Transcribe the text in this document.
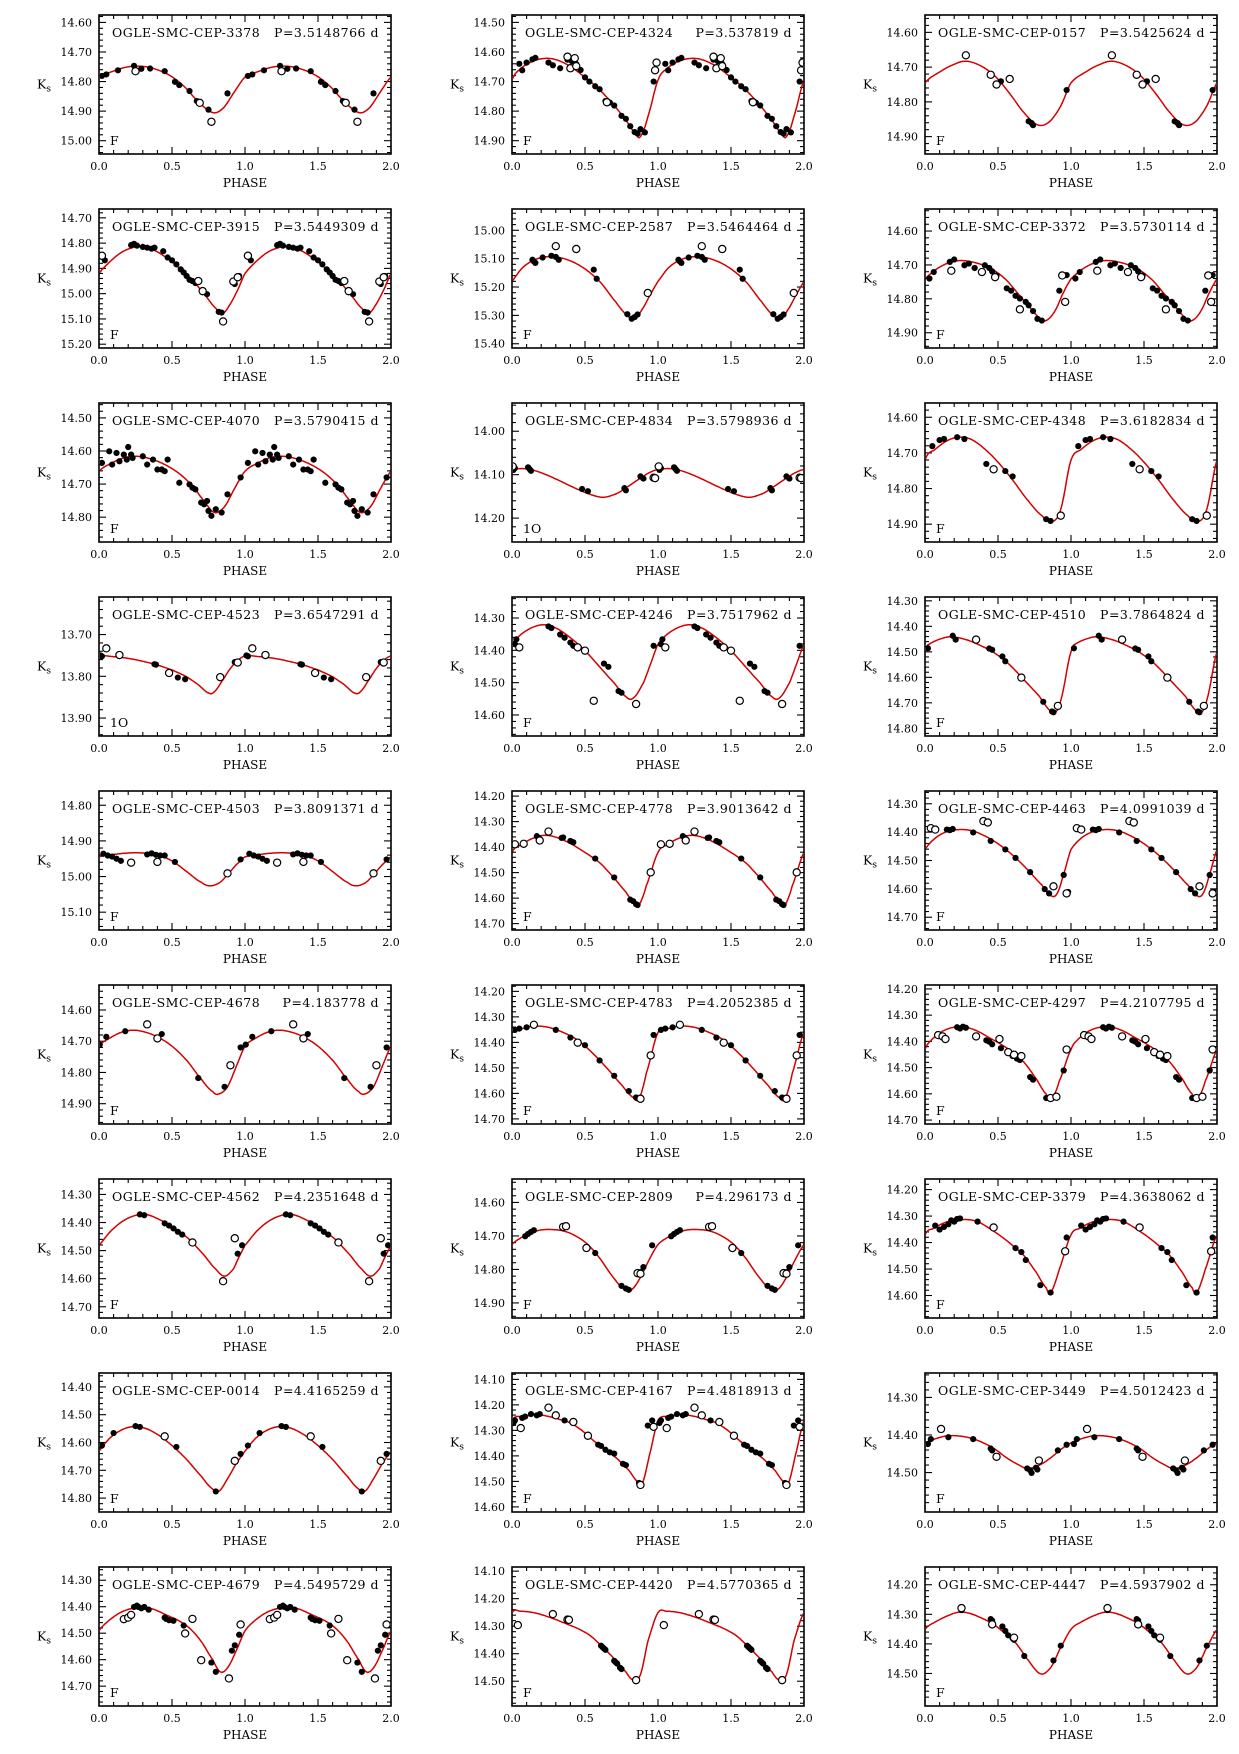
0.0	0.5	1.0	1.5	2.0
14.60
14.70
14.80
14.90
15.00
OGLE-SMC-CEP-3378 P=3.5148766 d
F
PHASE
$K_s$
0.0	0.5	1.0	1.5	2.0
14.50
14.60
14.70
14.80
14.90
OGLE-SMC-CEP-4324 P=3.537819 d
F
PHASE
$K_s$
0.0	0.5	1.0	1.5	2.0
14.60
14.70
14.80
14.90
OGLE-SMC-CEP-0157 P=3.5425624 d
F
PHASE
$K_s$
0.0	0.5	1.0	1.5	2.0
14.70
14.80
14.90
15.00
15.10
15.20
OGLE-SMC-CEP-3915 P=3.5449309 d
F
PHASE
$K_s$
0.0	0.5	1.0	1.5	2.0
15.00
15.10
15.20
15.30
15.40
OGLE-SMC-CEP-2587 P=3.5464464 d
F
PHASE
$K_s$
0.0	0.5	1.0	1.5	2.0
14.60
14.70
14.80
14.90
OGLE-SMC-CEP-3372 P=3.5730114 d
F
PHASE
$K_s$
0.0	0.5	1.0	1.5	2.0
14.50
14.60
14.70
14.80
OGLE-SMC-CEP-4070 P=3.5790415 d
F
PHASE
$K_s$
0.0	0.5	1.0	1.5	2.0
14.00
14.10
14.20
OGLE-SMC-CEP-4834 P=3.5798936 d
1O
PHASE
$K_s$
0.0	0.5	1.0	1.5	2.0
14.60
14.70
14.80
14.90
OGLE-SMC-CEP-4348 P=3.6182834 d
F
PHASE
$K_s$
0.0	0.5	1.0	1.5	2.0
13.70
13.80
13.90
OGLE-SMC-CEP-4523 P=3.6547291 d
1O
PHASE
$K_s$
0.0	0.5	1.0	1.5	2.0
14.30
14.40
14.50
14.60
OGLE-SMC-CEP-4246 P=3.7517962 d
F
PHASE
$K_s$
0.0	0.5	1.0	1.5	2.0
14.30
14.40
14.50
14.60
14.70
14.80
OGLE-SMC-CEP-4510 P=3.7864824 d
F
PHASE
$K_s$
0.0	0.5	1.0	1.5	2.0
14.80
14.90
15.00
15.10
OGLE-SMC-CEP-4503 P=3.8091371 d
F
PHASE
$K_s$
0.0	0.5	1.0	1.5	2.0
14.20
14.30
14.40
14.50
14.60
14.70
OGLE-SMC-CEP-4778 P=3.9013642 d
F
PHASE
$K_s$
0.0	0.5	1.0	1.5	2.0
14.30
14.40
14.50
14.60
14.70
OGLE-SMC-CEP-4463 P=4.0991039 d
F
PHASE
$K_s$
0.0	0.5	1.0	1.5	2.0
14.60
14.70
14.80
14.90
OGLE-SMC-CEP-4678 P=4.183778 d
F
PHASE
$K_s$
0.0	0.5	1.0	1.5	2.0
14.20
14.30
14.40
14.50
14.60
14.70
OGLE-SMC-CEP-4783 P=4.2052385 d
F
PHASE
$K_s$
0.0	0.5	1.0	1.5	2.0
14.20
14.30
14.40
14.50
14.60
14.70
OGLE-SMC-CEP-4297 P=4.2107795 d
F
PHASE
$K_s$
0.0	0.5	1.0	1.5	2.0
14.30
14.40
14.50
14.60
14.70
OGLE-SMC-CEP-4562 P=4.2351648 d
F
PHASE
$K_s$
0.0	0.5	1.0	1.5	2.0
14.60
14.70
14.80
14.90
OGLE-SMC-CEP-2809 P=4.296173 d
F
PHASE
$K_s$
0.0	0.5	1.0	1.5	2.0
14.20
14.30
14.40
14.50
14.60
OGLE-SMC-CEP-3379 P=4.3638062 d
F
PHASE
$K_s$
0.0	0.5	1.0	1.5	2.0
14.40
14.50
14.60
14.70
14.80
OGLE-SMC-CEP-0014 P=4.4165259 d
F
PHASE
$K_s$
0.0	0.5	1.0	1.5	2.0
14.10
14.20
14.30
14.40
14.50
14.60
OGLE-SMC-CEP-4167 P=4.4818913 d
F
PHASE
$K_s$
0.0	0.5	1.0	1.5	2.0
14.30
14.40
14.50
OGLE-SMC-CEP-3449 P=4.5012423 d
F
PHASE
$K_s$
0.0	0.5	1.0	1.5	2.0
14.30
14.40
14.50
14.60
14.70
OGLE-SMC-CEP-4679 P=4.5495729 d
F
PHASE
$K_s$
0.0	0.5	1.0	1.5	2.0
14.10
14.20
14.30
14.40
14.50
OGLE-SMC-CEP-4420 P=4.5770365 d
F
PHASE
$K_s$
0.0	0.5	1.0	1.5	2.0
14.20
14.30
14.40
14.50
OGLE-SMC-CEP-4447 P=4.5937902 d
F
PHASE
$K_s$
